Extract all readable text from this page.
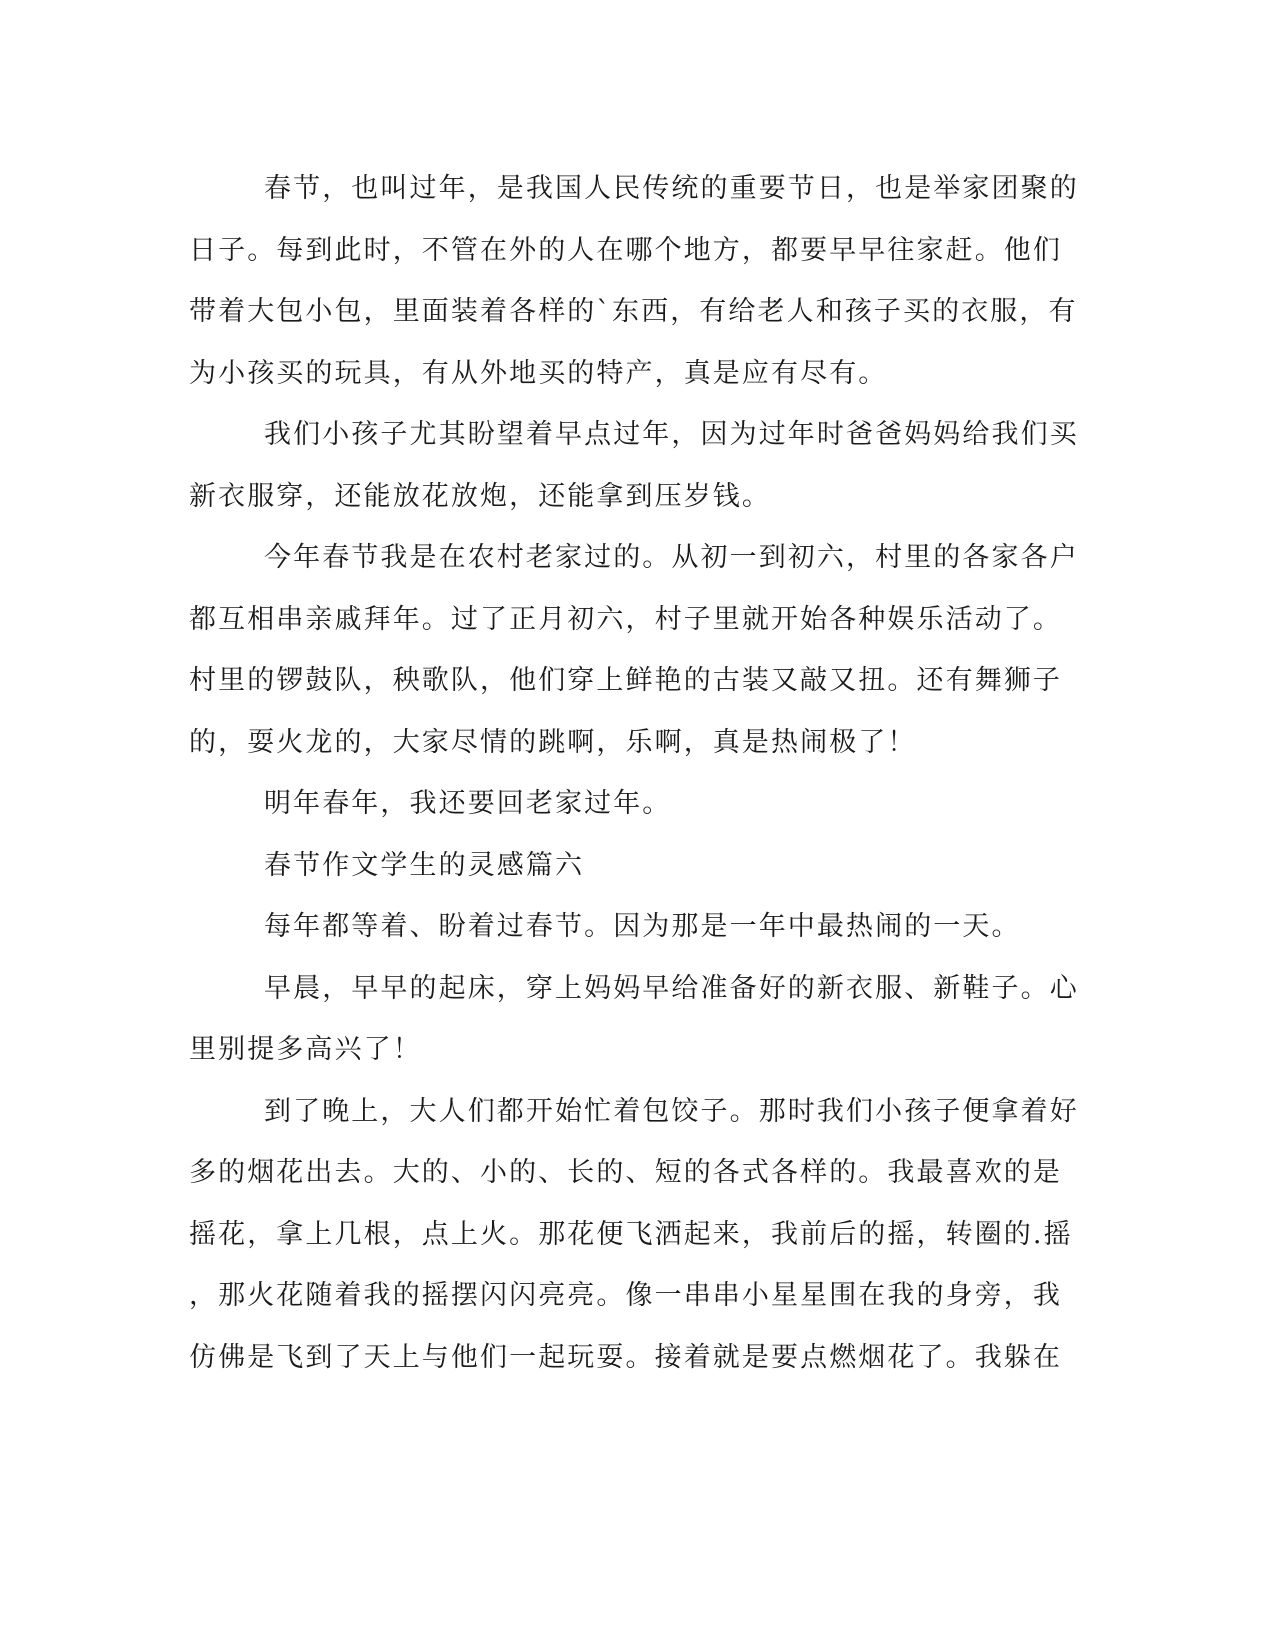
春节，也叫过年，是我国人民传统的重要节日，也是举家团聚的
日子。每到此时，不管在外的人在哪个地方，都要早早往家赶。他们
带着大包小包，里面装着各样的`东西，有给老人和孩子买的衣服，有
为小孩买的玩具，有从外地买的特产，真是应有尽有。
我们小孩子尤其盼望着早点过年，因为过年时爸爸妈妈给我们买
新衣服穿，还能放花放炮，还能拿到压岁钱。
今年春节我是在农村老家过的。从初一到初六，村里的各家各户
都互相串亲戚拜年。过了正月初六，村子里就开始各种娱乐活动了。
村里的锣鼓队，秧歌队，他们穿上鲜艳的古装又敲又扭。还有舞狮子
的，耍火龙的，大家尽情的跳啊，乐啊，真是热闹极了！
明年春年，我还要回老家过年。
春节作文学生的灵感篇六
每年都等着、盼着过春节。因为那是一年中最热闹的一天。
早晨，早早的起床，穿上妈妈早给准备好的新衣服、新鞋子。心
里别提多高兴了！
到了晚上，大人们都开始忙着包饺子。那时我们小孩子便拿着好
多的烟花出去。大的、小的、长的、短的各式各样的。我最喜欢的是
摇花，拿上几根，点上火。那花便飞洒起来，我前后的摇，转圈的.摇
，那火花随着我的摇摆闪闪亮亮。像一串串小星星围在我的身旁，我
仿佛是飞到了天上与他们一起玩耍。接着就是要点燃烟花了。我躲在
